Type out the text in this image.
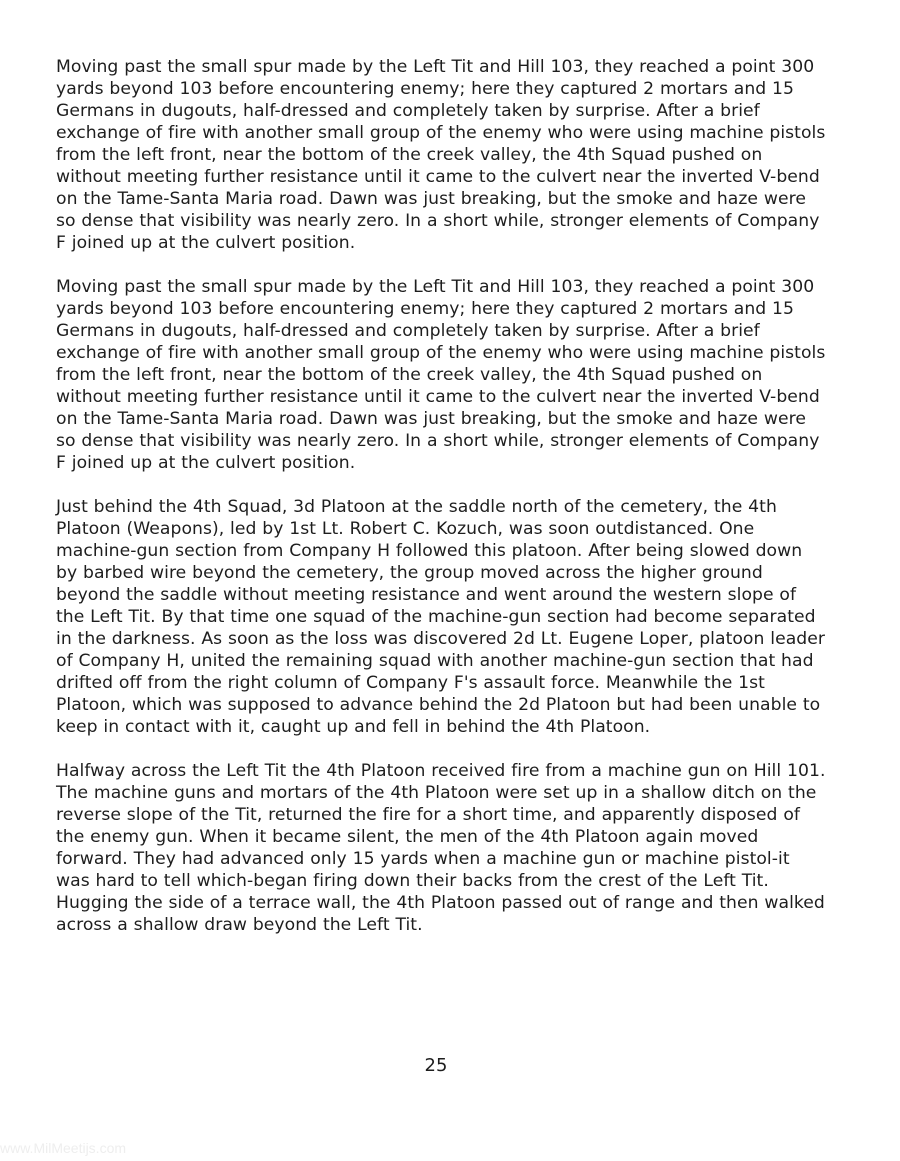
Moving past the small spur made by the Left Tit and Hill 103, they reached a point 300 yards beyond 103 before encountering enemy; here they captured 2 mortars and 15 Germans in dugouts, half-dressed and completely taken by surprise. After a brief exchange of fire with another small group of the enemy who were using machine pistols from the left front, near the bottom of the creek valley, the 4th Squad pushed on without meeting further resistance until it came to the culvert near the inverted V-bend on the Tame-Santa Maria road. Dawn was just breaking, but the smoke and haze were so dense that visibility was nearly zero. In a short while, stronger elements of Company F joined up at the culvert position.

Moving past the small spur made by the Left Tit and Hill 103, they reached a point 300 yards beyond 103 before encountering enemy; here they captured 2 mortars and 15 Germans in dugouts, half-dressed and completely taken by surprise. After a brief exchange of fire with another small group of the enemy who were using machine pistols from the left front, near the bottom of the creek valley, the 4th Squad pushed on without meeting further resistance until it came to the culvert near the inverted V-bend on the Tame-Santa Maria road. Dawn was just breaking, but the smoke and haze were so dense that visibility was nearly zero. In a short while, stronger elements of Company F joined up at the culvert position.

Just behind the 4th Squad, 3d Platoon at the saddle north of the cemetery, the 4th Platoon (Weapons), led by 1st Lt. Robert C. Kozuch, was soon outdistanced. One machine-gun section from Company H followed this platoon. After being slowed down by barbed wire beyond the cemetery, the group moved across the higher ground beyond the saddle without meeting resistance and went around the western slope of the Left Tit. By that time one squad of the machine-gun section had become separated in the darkness. As soon as the loss was discovered 2d Lt. Eugene Loper, platoon leader of Company H, united the remaining squad with another machine-gun section that had drifted off from the right column of Company F's assault force. Meanwhile the 1st Platoon, which was supposed to advance behind the 2d Platoon but had been unable to keep in contact with it, caught up and fell in behind the 4th Platoon.

Halfway across the Left Tit the 4th Platoon received fire from a machine gun on Hill 101. The machine guns and mortars of the 4th Platoon were set up in a shallow ditch on the reverse slope of the Tit, returned the fire for a short time, and apparently disposed of the enemy gun. When it became silent, the men of the 4th Platoon again moved forward. They had advanced only 15 yards when a machine gun or machine pistol-it was hard to tell which-began firing down their backs from the crest of the Left Tit. Hugging the side of a terrace wall, the 4th Platoon passed out of range and then walked across a shallow draw beyond the Left Tit.

25
www.MilMeetijs.com
